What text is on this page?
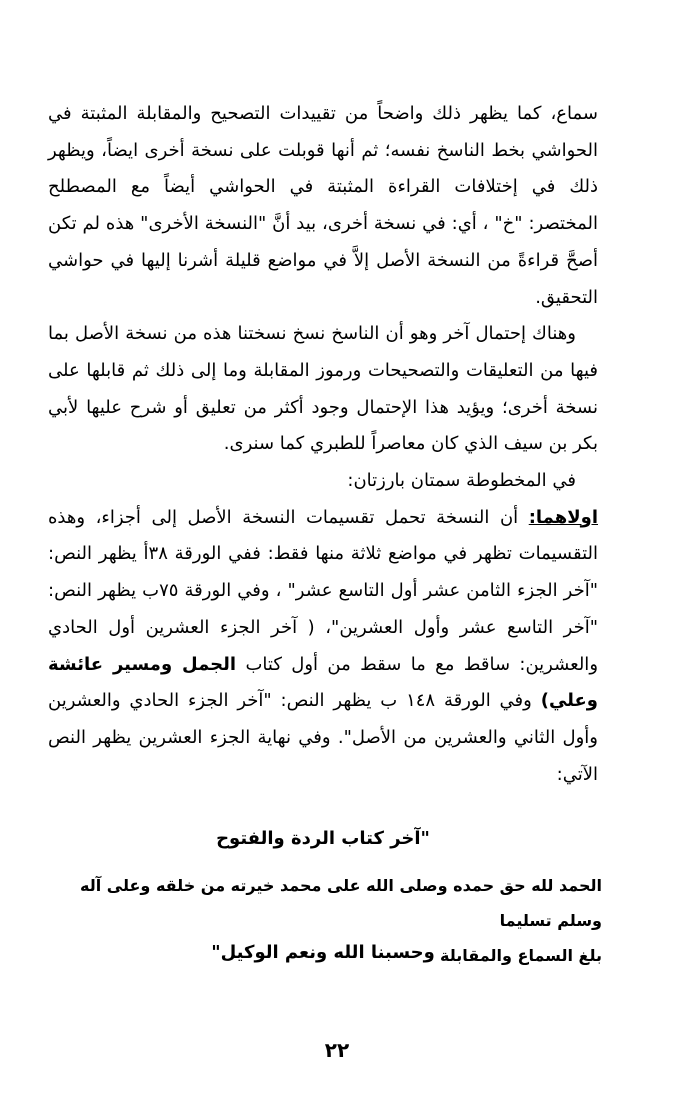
سماع، كما يظهر ذلك واضحاً من تقييدات التصحيح والمقابلة المثبتة في الحواشي بخط الناسخ نفسه؛ ثم أنها قوبلت على نسخة أخرى ايضاً، ويظهر ذلك في إختلافات القراءة المثبتة في الحواشي أيضاً مع المصطلح المختصر: "خ" ، أي: في نسخة أخرى، بيد أنَّ "النسخة الأخرى" هذه لم تكن أصحَّ قراءةً من النسخة الأصل إلاَّ في مواضع قليلة أشرنا إليها في حواشي التحقيق.

وهناك إحتمال آخر وهو أن الناسخ نسخ نسختنا هذه من نسخة الأصل بما فيها من التعليقات والتصحيحات ورموز المقابلة وما إلى ذلك ثم قابلها على نسخة أخرى؛ ويؤيد هذا الإحتمال وجود أكثر من تعليق أو شرح عليها لأبي بكر بن سيف الذي كان معاصراً للطبري كما سنرى.

في المخطوطة سمتان بارزتان:

اولاهما: أن النسخة تحمل تقسيمات النسخة الأصل إلى أجزاء، وهذه التقسيمات تظهر في مواضع ثلاثة منها فقط: ففي الورقة ٣٨أ يظهر النص: "آخر الجزء الثامن عشر أول التاسع عشر" ، وفي الورقة ٧٥ب يظهر النص: "آخر التاسع عشر وأول العشرين"، ( آخر الجزء العشرين أول الحادي والعشرين: ساقط مع ما سقط من أول كتاب الجمل ومسير عائشة وعلي) وفي الورقة ١٤٨ ب يظهر النص: "آخر الجزء الحادي والعشرين وأول الثاني والعشرين من الأصل". وفي نهاية الجزء العشرين يظهر النص الآتي:

"آخر كتاب الردة والفتوح
الحمد لله حق حمده وصلى الله على محمد خيرته من خلقه وعلى آله وسلم تسليما
بلغ السماع والمقابلة
وحسبنا الله ونعم الوكيل"
٢٢
